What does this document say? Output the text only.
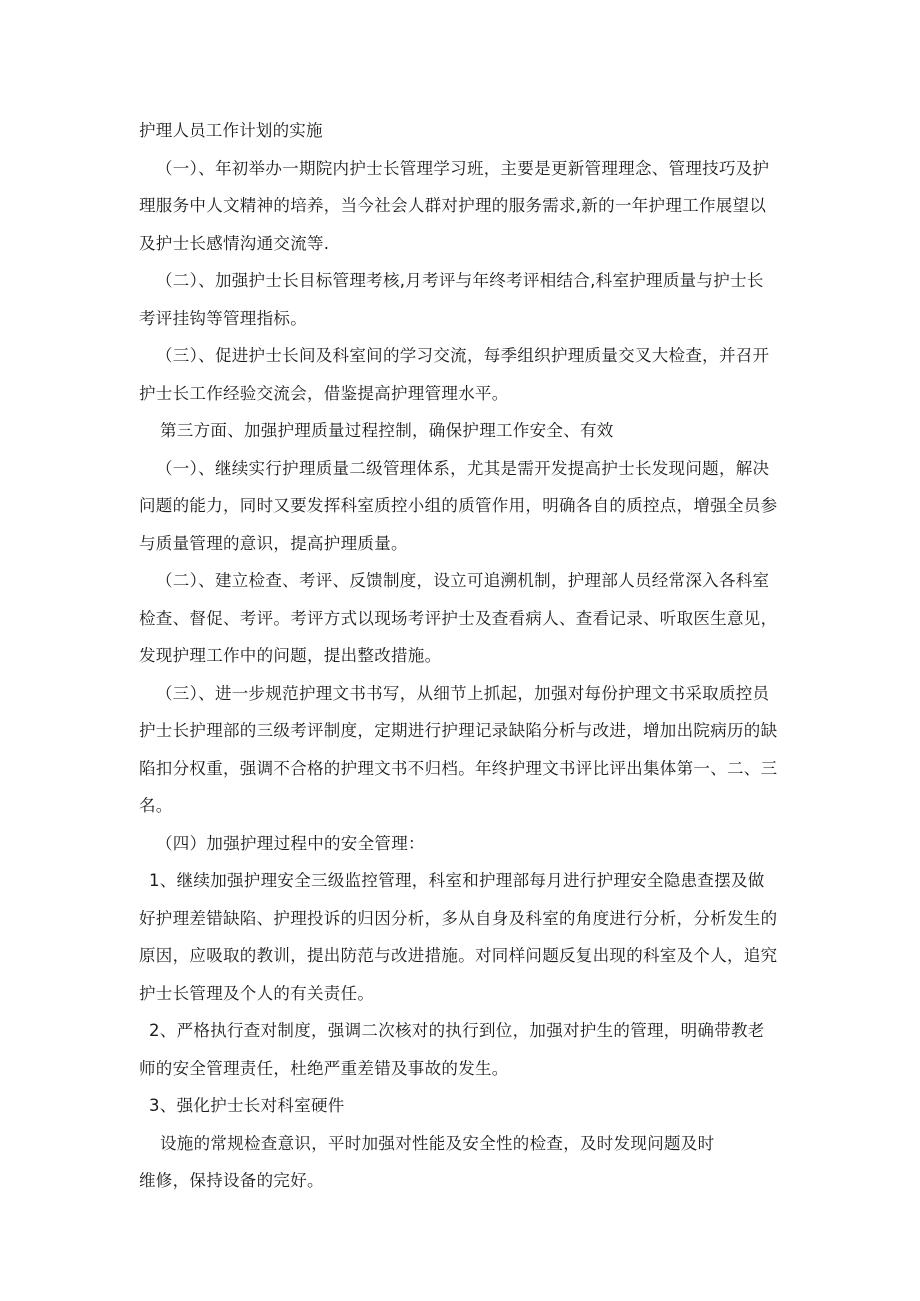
护理人员工作计划的实施

（一）、年初举办一期院内护士长管理学习班，主要是更新管理理念、管理技巧及护

理服务中人文精神的培养，当今社会人群对护理的服务需求,新的一年护理工作展望以

及护士长感情沟通交流等.

（二）、加强护士长目标管理考核,月考评与年终考评相结合,科室护理质量与护士长

考评挂钩等管理指标。

（三）、促进护士长间及科室间的学习交流，每季组织护理质量交叉大检查，并召开

护士长工作经验交流会，借鉴提高护理管理水平。

第三方面、加强护理质量过程控制，确保护理工作安全、有效

（一）、继续实行护理质量二级管理体系，尤其是需开发提高护士长发现问题，解决

问题的能力，同时又要发挥科室质控小组的质管作用，明确各自的质控点，增强全员参

与质量管理的意识，提高护理质量。

（二）、建立检查、考评、反馈制度，设立可追溯机制，护理部人员经常深入各科室

检查、督促、考评。考评方式以现场考评护士及查看病人、查看记录、听取医生意见，

发现护理工作中的问题，提出整改措施。

（三）、进一步规范护理文书书写，从细节上抓起，加强对每份护理文书采取质控员

护士长护理部的三级考评制度，定期进行护理记录缺陷分析与改进，增加出院病历的缺

陷扣分权重，强调不合格的护理文书不归档。年终护理文书评比评出集体第一、二、三

名。

（四）加强护理过程中的安全管理：

1、继续加强护理安全三级监控管理，科室和护理部每月进行护理安全隐患查摆及做

好护理差错缺陷、护理投诉的归因分析，多从自身及科室的角度进行分析，分析发生的

原因，应吸取的教训，提出防范与改进措施。对同样问题反复出现的科室及个人，追究

护士长管理及个人的有关责任。

2、严格执行查对制度，强调二次核对的执行到位，加强对护生的管理，明确带教老

师的安全管理责任，杜绝严重差错及事故的发生。

3、强化护士长对科室硬件

设施的常规检查意识，平时加强对性能及安全性的检查，及时发现问题及时

维修，保持设备的完好。
